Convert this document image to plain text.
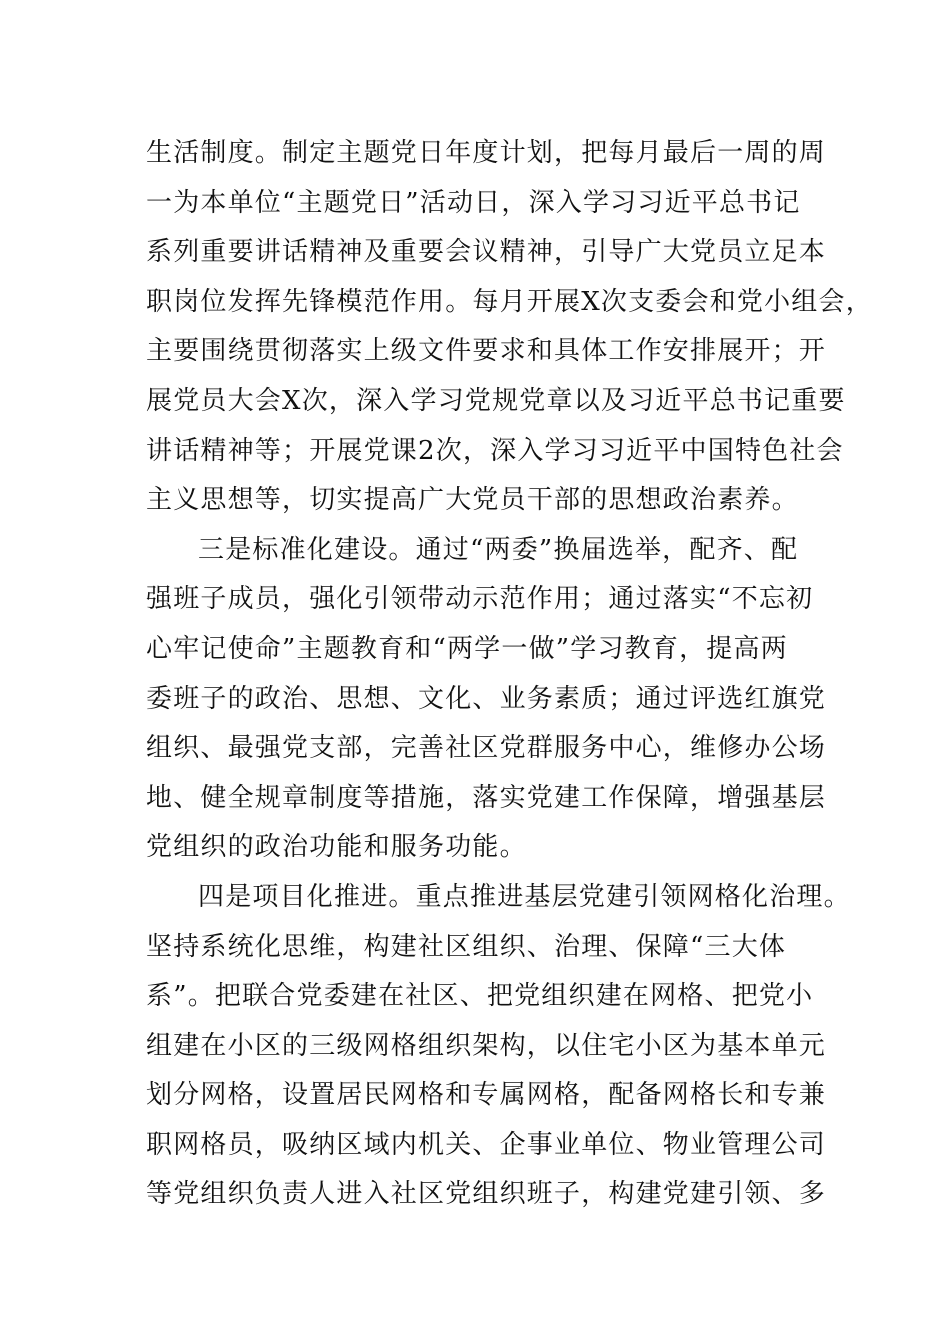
生活制度。制定主题党日年度计划，把每月最后一周的周
一为本单位“主题党日”活动日，深入学习习近平总书记
系列重要讲话精神及重要会议精神，引导广大党员立足本
职岗位发挥先锋模范作用。每月开展X次支委会和党小组会，
主要围绕贯彻落实上级文件要求和具体工作安排展开；开
展党员大会X次，深入学习党规党章以及习近平总书记重要
讲话精神等；开展党课2次，深入学习习近平中国特色社会
主义思想等，切实提高广大党员干部的思想政治素养。
三是标准化建设。通过“两委”换届选举，配齐、配
强班子成员，强化引领带动示范作用；通过落实“不忘初
心牢记使命”主题教育和“两学一做”学习教育，提高两
委班子的政治、思想、文化、业务素质；通过评选红旗党
组织、最强党支部，完善社区党群服务中心，维修办公场
地、健全规章制度等措施，落实党建工作保障，增强基层
党组织的政治功能和服务功能。
四是项目化推进。重点推进基层党建引领网格化治理。
坚持系统化思维，构建社区组织、治理、保障“三大体
系”。把联合党委建在社区、把党组织建在网格、把党小
组建在小区的三级网格组织架构，以住宅小区为基本单元
划分网格，设置居民网格和专属网格，配备网格长和专兼
职网格员，吸纳区域内机关、企事业单位、物业管理公司
等党组织负责人进入社区党组织班子，构建党建引领、多
